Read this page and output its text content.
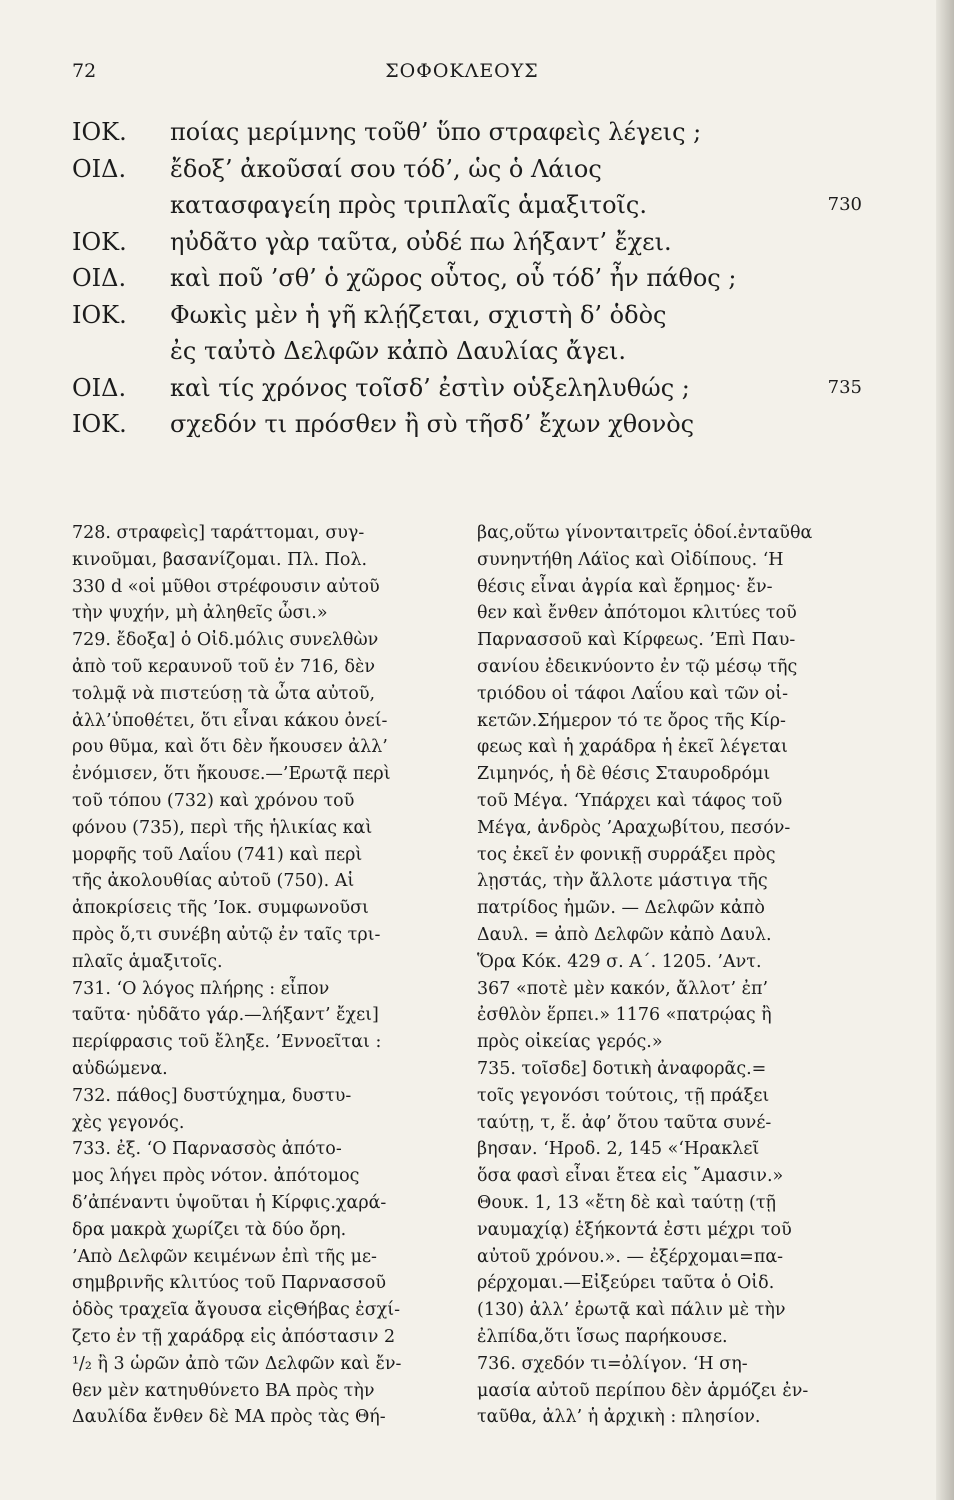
72	ΣΟΦΟΚΛΕΟΥΣ
ΙΟΚ. ποίας μερίμνης τοῦθ’ ὕπο στραφεὶς λέγεις ;
ΟΙΔ. ἔδοξ’ ἀκοῦσαί σου τόδ’, ὡς ὁ Λάιος
κατασφαγείη πρὸς τριπλαῖς ἁμαξιτοῖς.	730
ΙΟΚ. ηὐδᾶτο γὰρ ταῦτα, οὐδέ πω λήξαντ’ ἔχει.
ΟΙΔ. καὶ ποῦ ’σθ’ ὁ χῶρος οὗτος, οὗ τόδ’ ἦν πάθος ;
ΙΟΚ. Φωκὶς μὲν ἡ γῆ κλῄζεται, σχιστὴ δ’ ὁδὸς
ἐς ταὐτὸ Δελφῶν κἀπὸ Δαυλίας ἄγει.
ΟΙΔ. καὶ τίς χρόνος τοῖσδ’ ἐστὶν οὑξεληλυθώς ;	735
ΙΟΚ. σχεδόν τι πρόσθεν ἢ σὺ τῆσδ’ ἔχων χθονὸς
728. στραφεὶς] ταράττομαι, συγ-
κινοῦμαι, βασανίζομαι. Πλ. Πολ.
330 d «οἱ μῦθοι στρέφουσιν αὐτοῦ
τὴν ψυχήν, μὴ ἀληθεῖς ὦσι.»
729. ἔδοξα] ὁ Οἰδ.μόλις συνελθὼν
ἀπὸ τοῦ κεραυνοῦ τοῦ ἐν 716, δὲν
τολμᾷ νὰ πιστεύσῃ τὰ ὦτα αὐτοῦ,
ἀλλ’ὑποθέτει, ὅτι εἶναι κάκου ὀνεί-
ρου θῦμα, καὶ ὅτι δὲν ἤκουσεν ἀλλ’
ἐνόμισεν, ὅτι ἤκουσε.—’Ερωτᾷ περὶ
τοῦ τόπου (732) καὶ χρόνου τοῦ
φόνου (735), περὶ τῆς ἡλικίας καὶ
μορφῆς τοῦ Λαΐου (741) καὶ περὶ
τῆς ἀκολουθίας αὐτοῦ (750). Αἱ
ἀποκρίσεις τῆς ’Ιοκ. συμφωνοῦσι
πρὸς ὅ,τι συνέβη αὐτῷ ἐν ταῖς τρι-
πλαῖς ἁμαξιτοῖς.
731. ‘Ο λόγος πλήρης : εἶπον
ταῦτα· ηὐδᾶτο γάρ.—λήξαντ’ ἔχει]
περίφρασις τοῦ ἔληξε. ’Εννοεῖται :
αὐδώμενα.
732. πάθος] δυστύχημα, δυστυ-
χὲς γεγονός.
733. ἐξ. ‘Ο Παρνασσὸς ἀπότο-
μος λήγει πρὸς νότον. ἀπότομος
δ’ἀπέναντι ὑψοῦται ἡ Κίρφις.χαρά-
δρα μακρὰ χωρίζει τὰ δύο ὄρη.
’Απὸ Δελφῶν κειμένων ἐπὶ τῆς με-
σημβρινῆς κλιτύος τοῦ Παρνασσοῦ
ὁδὸς τραχεῖα ἄγουσα εἰςΘήβας ἐσχί-
ζετο ἐν τῇ χαράδρᾳ εἰς ἀπόστασιν 2
¹/₂ ἢ 3 ὡρῶν ἀπὸ τῶν Δελφῶν καὶ ἔν-
θεν μὲν κατηυθύνετο ΒΑ πρὸς τὴν
Δαυλίδα ἔνθεν δὲ ΜΑ πρὸς τὰς Θή-
βας,οὕτω γίνονταιτρεῖς ὁδοί.ἐνταῦθα
συνηντήθη Λάϊος καὶ Οἰδίπους. ‘Η
θέσις εἶναι ἀγρία καὶ ἔρημος· ἔν-
θεν καὶ ἔνθεν ἀπότομοι κλιτύες τοῦ
Παρνασσοῦ καὶ Κίρφεως. ’Επὶ Παυ-
σανίου ἐδεικνύοντο ἐν τῷ μέσῳ τῆς
τριόδου οἱ τάφοι Λαΐου καὶ τῶν οἰ-
κετῶν.Σήμερον τό τε ὄρος τῆς Κίρ-
φεως καὶ ἡ χαράδρα ἡ ἐκεῖ λέγεται
Ζιμηνός, ἡ δὲ θέσις Σταυροδρόμι
τοῦ Μέγα. ‘Υπάρχει καὶ τάφος τοῦ
Μέγα, ἀνδρὸς ’Αραχωβίτου, πεσόν-
τος ἐκεῖ ἐν φονικῇ συρράξει πρὸς
λῃστάς, τὴν ἄλλοτε μάστιγα τῆς
πατρίδος ἡμῶν. — Δελφῶν κἀπὸ
Δαυλ. = ἀπὸ Δελφῶν κἀπὸ Δαυλ.
Ὅρα Κόκ. 429 σ. Α΄. 1205. ’Αντ.
367 «ποτὲ μὲν κακόν, ἄλλοτ’ ἐπ’
ἐσθλὸν ἕρπει.» 1176 «πατρῴας ἢ
πρὸς οἰκείας γερός.»
735. τοῖσδε] δοτικὴ ἀναφορᾶς.=
τοῖς γεγονόσι τούτοις, τῇ πράξει
ταύτῃ, τ, ἕ. ἀφ’ ὅτου ταῦτα συνέ-
βησαν. ‘Ηροδ. 2, 145 «‘Ηρακλεῖ
ὅσα φασὶ εἶναι ἔτεα εἰς ῎Αμασιν.»
Θουκ. 1, 13 «ἔτη δὲ καὶ ταύτῃ (τῇ
ναυμαχίᾳ) ἑξήκοντά ἐστι μέχρι τοῦ
αὐτοῦ χρόνου.». — ἐξέρχομαι=πα-
ρέρχομαι.—Εἰξεύρει ταῦτα ὁ Οἰδ.
(130) ἀλλ’ ἐρωτᾷ καὶ πάλιν μὲ τὴν
ἐλπίδα,ὅτι ἴσως παρήκουσε.
736. σχεδόν τι=ὀλίγον. ‘Η ση-
μασία αὐτοῦ περίπου δὲν ἁρμόζει ἐν-
ταῦθα, ἀλλ’ ἡ ἀρχικὴ : πλησίον.
